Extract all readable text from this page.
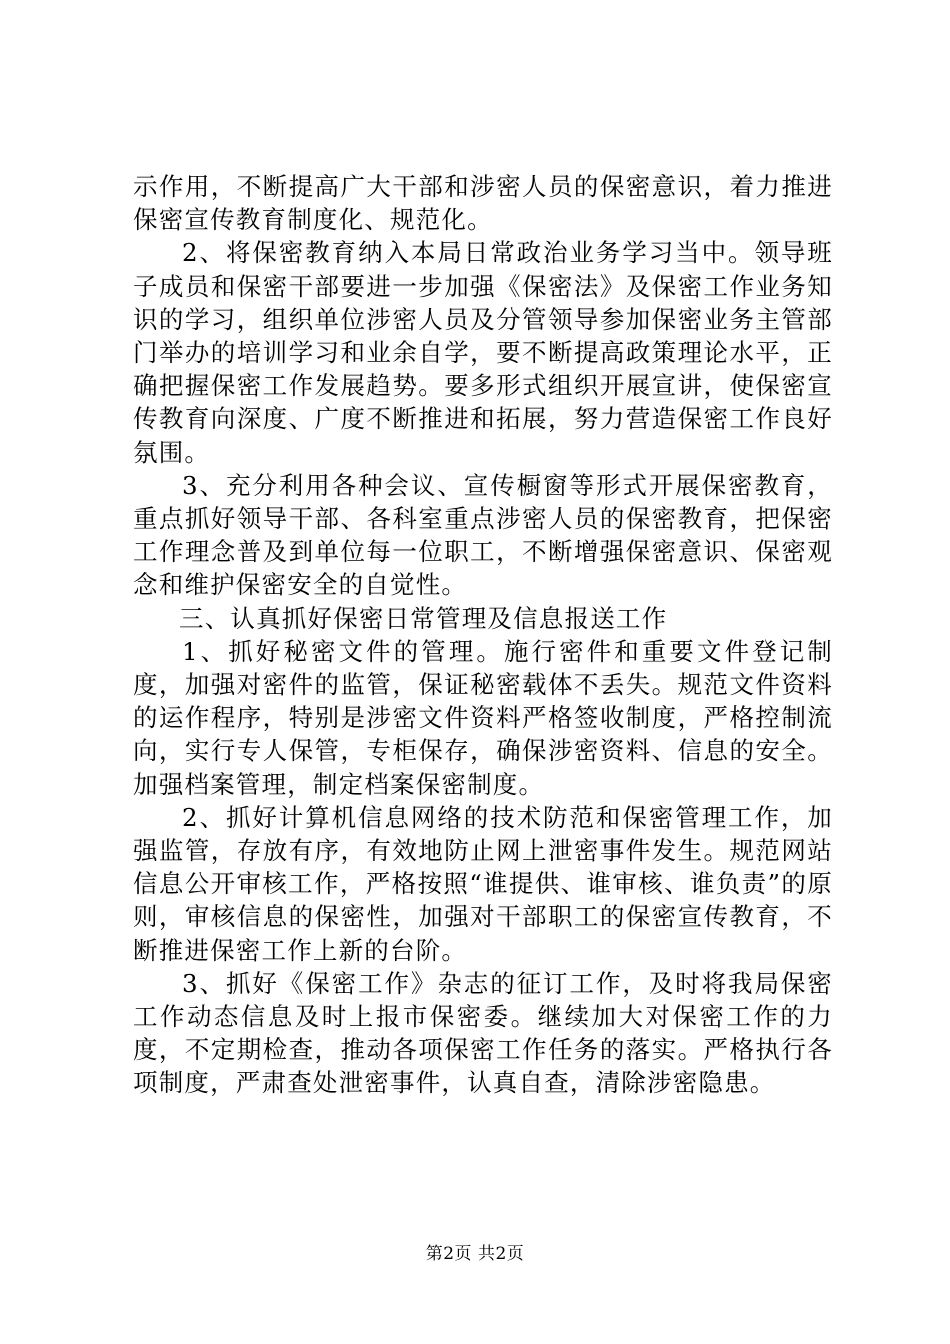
示作用，不断提高广大干部和涉密人员的保密意识，着力推进保密宣传教育制度化、规范化。

2、将保密教育纳入本局日常政治业务学习当中。领导班子成员和保密干部要进一步加强《保密法》及保密工作业务知识的学习，组织单位涉密人员及分管领导参加保密业务主管部门举办的培训学习和业余自学，要不断提高政策理论水平，正确把握保密工作发展趋势。要多形式组织开展宣讲，使保密宣传教育向深度、广度不断推进和拓展，努力营造保密工作良好氛围。

3、充分利用各种会议、宣传橱窗等形式开展保密教育，重点抓好领导干部、各科室重点涉密人员的保密教育，把保密工作理念普及到单位每一位职工，不断增强保密意识、保密观念和维护保密安全的自觉性。

三、认真抓好保密日常管理及信息报送工作

1、抓好秘密文件的管理。施行密件和重要文件登记制度，加强对密件的监管，保证秘密载体不丢失。规范文件资料的运作程序，特别是涉密文件资料严格签收制度，严格控制流向，实行专人保管，专柜保存，确保涉密资料、信息的安全。加强档案管理，制定档案保密制度。

2、抓好计算机信息网络的技术防范和保密管理工作，加强监管，存放有序，有效地防止网上泄密事件发生。规范网站信息公开审核工作，严格按照“谁提供、谁审核、谁负责”的原则，审核信息的保密性，加强对干部职工的保密宣传教育，不断推进保密工作上新的台阶。

3、抓好《保密工作》杂志的征订工作，及时将我局保密工作动态信息及时上报市保密委。继续加大对保密工作的力度，不定期检查，推动各项保密工作任务的落实。严格执行各项制度，严肃查处泄密事件，认真自查，清除涉密隐患。

第2页 共2页
